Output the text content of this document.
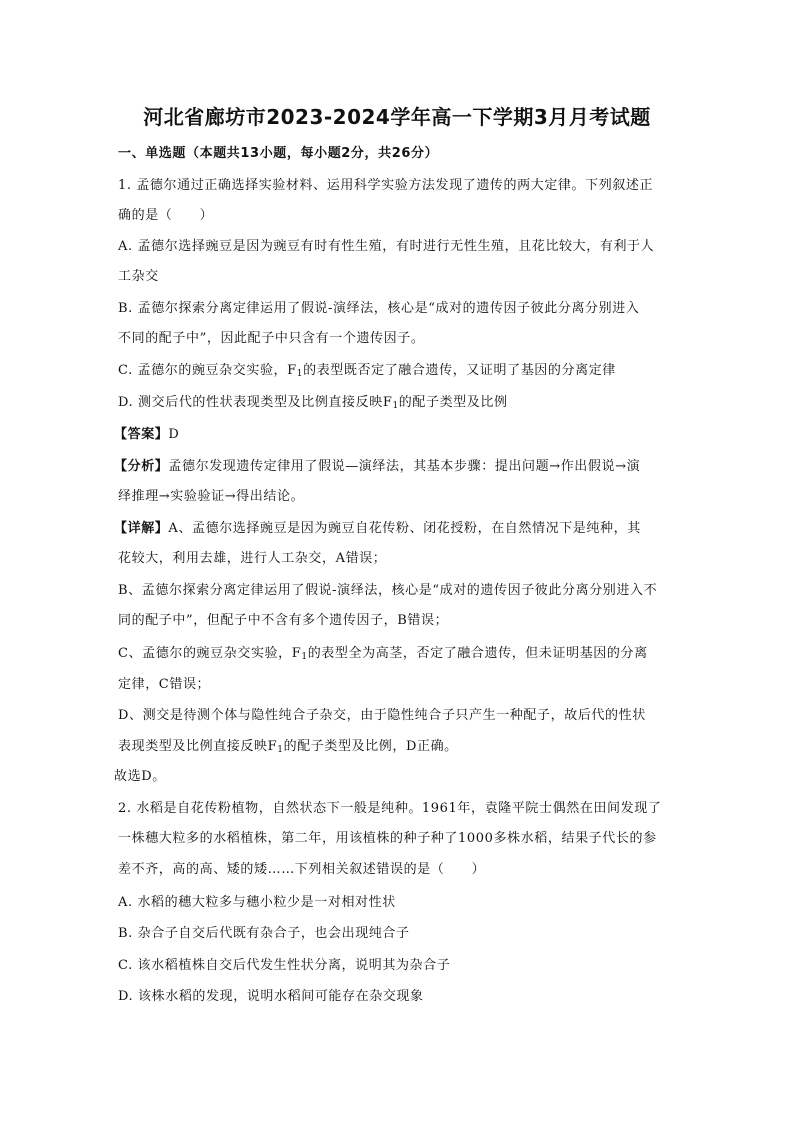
河北省廊坊市2023-2024学年高一下学期3月月考试题
一、单选题（本题共13小题，每小题2分，共26分）
1. 孟德尔通过正确选择实验材料、运用科学实验方法发现了遗传的两大定律。下列叙述正
确的是（　　）
A. 孟德尔选择豌豆是因为豌豆有时有性生殖，有时进行无性生殖，且花比较大，有利于人
工杂交
B. 孟德尔探索分离定律运用了假说-演绎法，核心是“成对的遗传因子彼此分离分别进入
不同的配子中”，因此配子中只含有一个遗传因子。
C. 孟德尔的豌豆杂交实验，$F_1$的表型既否定了融合遗传，又证明了基因的分离定律
D. 测交后代的性状表现类型及比例直接反映$F_1$的配子类型及比例
【答案】D
【分析】孟德尔发现遗传定律用了假说—演绎法，其基本步骤：提出问题→作出假说→演
绎推理→实验验证→得出结论。
【详解】A、孟德尔选择豌豆是因为豌豆自花传粉、闭花授粉，在自然情况下是纯种，其
花较大，利用去雄，进行人工杂交，A错误；
B、孟德尔探索分离定律运用了假说-演绎法，核心是“成对的遗传因子彼此分离分别进入不
同的配子中”，但配子中不含有多个遗传因子，B错误；
C、孟德尔的豌豆杂交实验，$F_1$的表型全为高茎，否定了融合遗传，但未证明基因的分离
定律，C错误；
D、测交是待测个体与隐性纯合子杂交，由于隐性纯合子只产生一种配子，故后代的性状
表现类型及比例直接反映$F_1$的配子类型及比例，D正确。
故选D。
2. 水稻是自花传粉植物，自然状态下一般是纯种。1961年，袁隆平院士偶然在田间发现了
一株穗大粒多的水稻植株，第二年，用该植株的种子种了1000多株水稻，结果子代长的参
差不齐，高的高、矮的矮……下列相关叙述错误的是（　　）
A. 水稻的穗大粒多与穗小粒少是一对相对性状
B. 杂合子自交后代既有杂合子，也会出现纯合子
C. 该水稻植株自交后代发生性状分离，说明其为杂合子
D. 该株水稻的发现，说明水稻间可能存在杂交现象
